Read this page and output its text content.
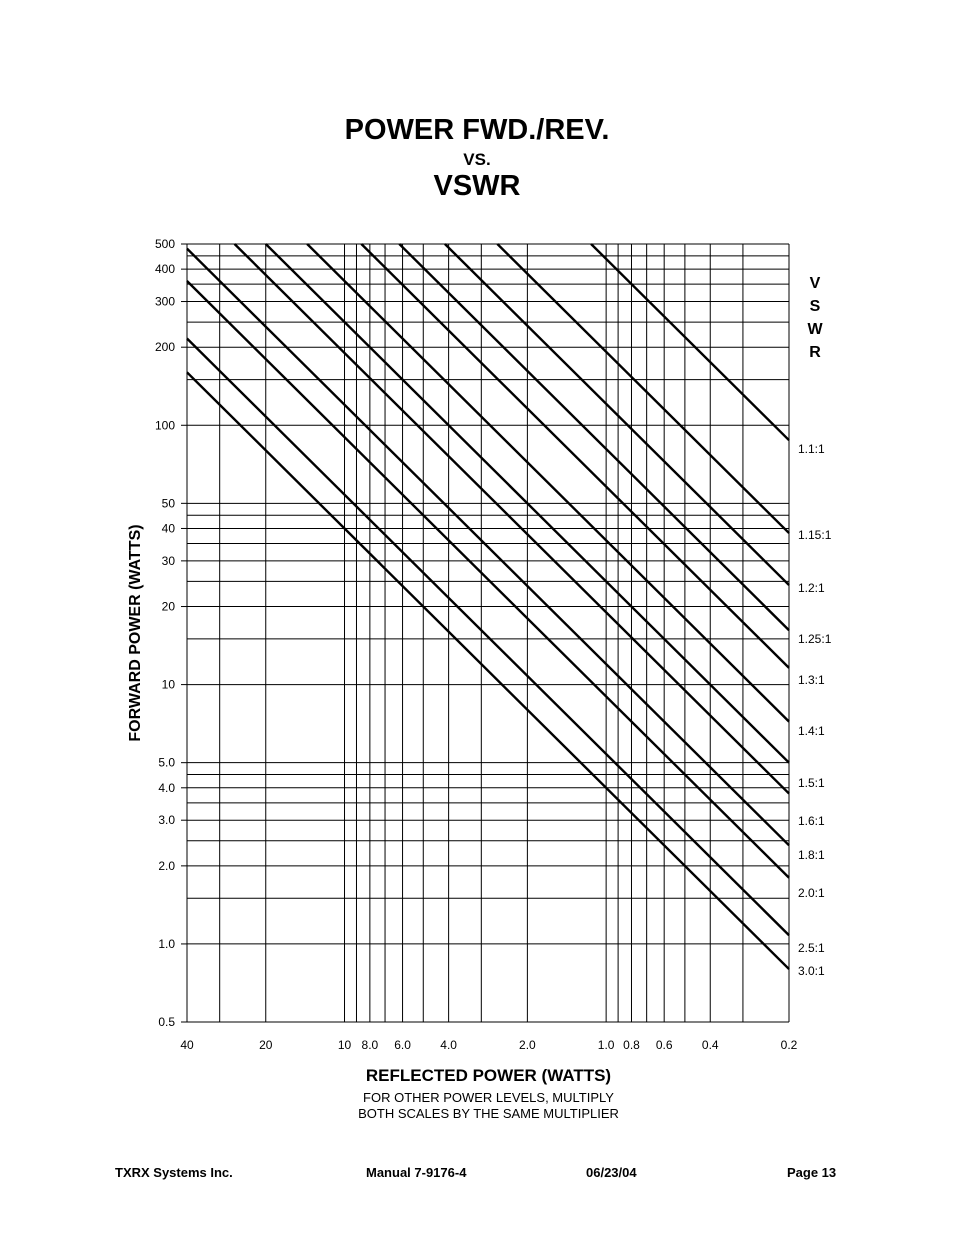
POWER FWD./REV.
VS.
VSWR
500
400
300
200
100
50
40
30
20
10
5.0
4.0
3.0
2.0
1.0
0.5
40	20	10 8.0 6.0 4.0	2.0	1.0 0.8 0.6 0.4	0.2
1.1:1
1.15:1
1.2:1
1.25:1
1.3:1
1.4:1
1.5:1
1.6:1
1.8:1
2.0:1
2.5:1
3.0:1
V
S
W
R
FORWARD POWER (WATTS)
REFLECTED POWER (WATTS)
FOR OTHER POWER LEVELS, MULTIPLY
BOTH SCALES BY THE SAME MULTIPLIER
TXRX Systems Inc.	Manual 7-9176-4	06/23/04	Page 13
